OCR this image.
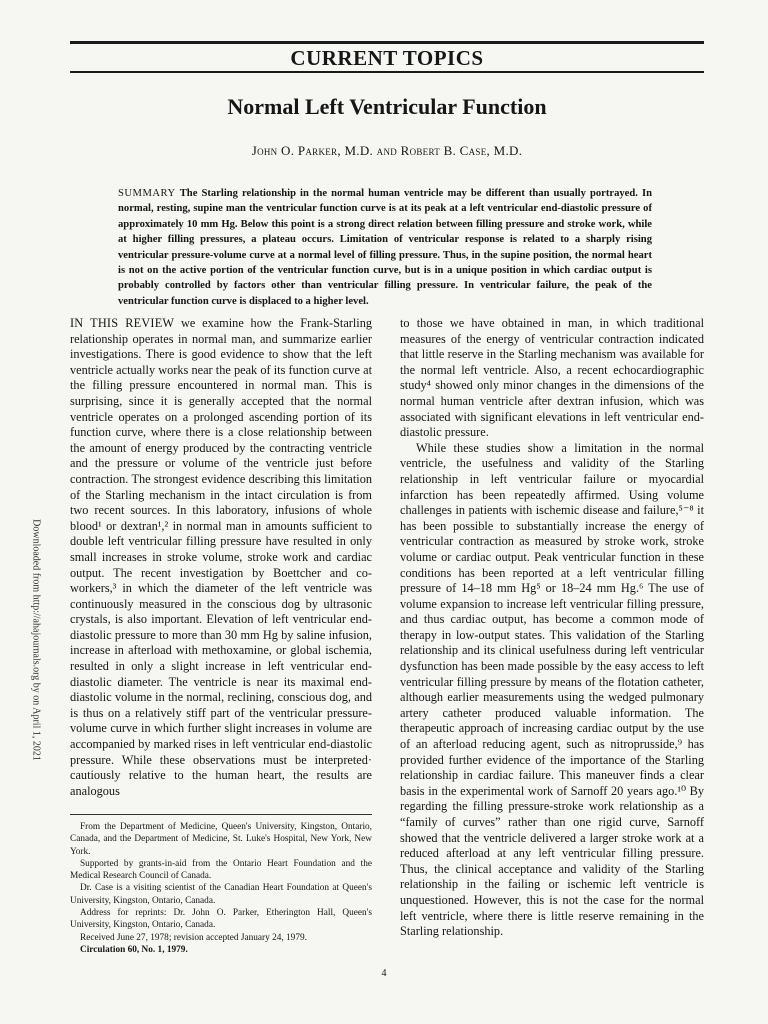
CURRENT TOPICS
Normal Left Ventricular Function
John O. Parker, M.D. and Robert B. Case, M.D.
SUMMARY The Starling relationship in the normal human ventricle may be different than usually portrayed. In normal, resting, supine man the ventricular function curve is at its peak at a left ventricular end-diastolic pressure of approximately 10 mm Hg. Below this point is a strong direct relation between filling pressure and stroke work, while at higher filling pressures, a plateau occurs. Limitation of ventricular response is related to a sharply rising ventricular pressure-volume curve at a normal level of filling pressure. Thus, in the supine position, the normal heart is not on the active portion of the ventricular function curve, but is in a unique position in which cardiac output is probably controlled by factors other than ventricular filling pressure. In ventricular failure, the peak of the ventricular function curve is displaced to a higher level.

IN THIS REVIEW we examine how the Frank-Starling relationship operates in normal man, and summarize earlier investigations. There is good evidence to show that the left ventricle actually works near the peak of its function curve at the filling pressure encountered in normal man. This is surprising, since it is generally accepted that the normal ventricle operates on a prolonged ascending portion of its function curve, where there is a close relationship between the amount of energy produced by the contracting ventricle and the pressure or volume of the ventricle just before contraction. The strongest evidence describing this limitation of the Starling mechanism in the intact circulation is from two recent sources. In this laboratory, infusions of whole blood¹ or dextran¹,² in normal man in amounts sufficient to double left ventricular filling pressure have resulted in only small increases in stroke volume, stroke work and cardiac output. The recent investigation by Boettcher and co-workers,³ in which the diameter of the left ventricle was continuously measured in the conscious dog by ultrasonic crystals, is also important. Elevation of left ventricular end-diastolic pressure to more than 30 mm Hg by saline infusion, increase in afterload with methoxamine, or global ischemia, resulted in only a slight increase in left ventricular end-diastolic diameter. The ventricle is near its maximal end-diastolic volume in the normal, reclining, conscious dog, and is thus on a relatively stiff part of the ventricular pressure-volume curve in which further slight increases in volume are accompanied by marked rises in left ventricular end-diastolic pressure. While these observations must be interpreted· cautiously relative to the human heart, the results are analogous

From the Department of Medicine, Queen's University, Kingston, Ontario, Canada, and the Department of Medicine, St. Luke's Hospital, New York, New York.

Supported by grants-in-aid from the Ontario Heart Foundation and the Medical Research Council of Canada.

Dr. Case is a visiting scientist of the Canadian Heart Foundation at Queen's University, Kingston, Ontario, Canada.

Address for reprints: Dr. John O. Parker, Etherington Hall, Queen's University, Kingston, Ontario, Canada.

Received June 27, 1978; revision accepted January 24, 1979.

Circulation 60, No. 1, 1979.

to those we have obtained in man, in which traditional measures of the energy of ventricular contraction indicated that little reserve in the Starling mechanism was available for the normal left ventricle. Also, a recent echocardiographic study⁴ showed only minor changes in the dimensions of the normal human ventricle after dextran infusion, which was associated with significant elevations in left ventricular end-diastolic pressure.

While these studies show a limitation in the normal ventricle, the usefulness and validity of the Starling relationship in left ventricular failure or myocardial infarction has been repeatedly affirmed. Using volume challenges in patients with ischemic disease and failure,⁵⁻⁸ it has been possible to substantially increase the energy of ventricular contraction as measured by stroke work, stroke volume or cardiac output. Peak ventricular function in these conditions has been reported at a left ventricular filling pressure of 14–18 mm Hg⁵ or 18–24 mm Hg.⁶ The use of volume expansion to increase left ventricular filling pressure, and thus cardiac output, has become a common mode of therapy in low-output states. This validation of the Starling relationship and its clinical usefulness during left ventricular dysfunction has been made possible by the easy access to left ventricular filling pressure by means of the flotation catheter, although earlier measurements using the wedged pulmonary artery catheter produced valuable information. The therapeutic approach of increasing cardiac output by the use of an afterload reducing agent, such as nitroprusside,⁹ has provided further evidence of the importance of the Starling relationship in cardiac failure. This maneuver finds a clear basis in the experimental work of Sarnoff 20 years ago.¹⁰ By regarding the filling pressure-stroke work relationship as a “family of curves” rather than one rigid curve, Sarnoff showed that the ventricle delivered a larger stroke work at a reduced afterload at any left ventricular filling pressure. Thus, the clinical acceptance and validity of the Starling relationship in the failing or ischemic left ventricle is unquestioned. However, this is not the case for the normal left ventricle, where there is little reserve remaining in the Starling relationship.

Downloaded from http://ahajournals.org by on April 1, 2021
4
